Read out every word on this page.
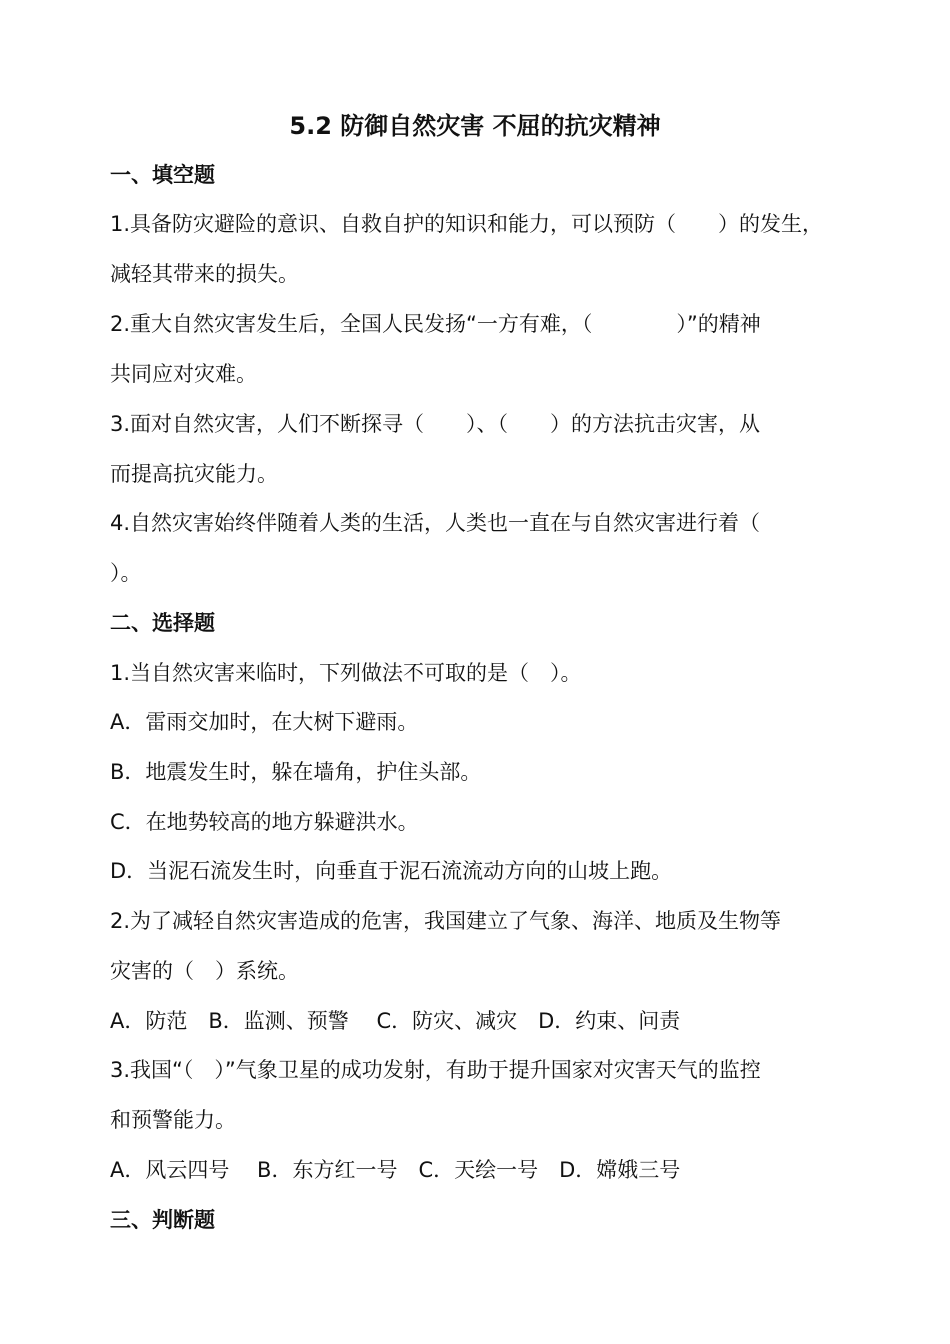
5.2 防御自然灾害 不屈的抗灾精神
一、填空题
1.具备防灾避险的意识、自救自护的知识和能力，可以预防（　　）的发生，
减轻其带来的损失。
2.重大自然灾害发生后，全国人民发扬“一方有难，（　　　　）”的精神
共同应对灾难。
3.面对自然灾害，人们不断探寻（　　）、（　　）的方法抗击灾害，从
而提高抗灾能力。
4.自然灾害始终伴随着人类的生活，人类也一直在与自然灾害进行着（
）。
二、选择题
1.当自然灾害来临时，下列做法不可取的是（　）。
A．雷雨交加时，在大树下避雨。
B．地震发生时，躲在墙角，护住头部。
C．在地势较高的地方躲避洪水。
D．当泥石流发生时，向垂直于泥石流流动方向的山坡上跑。
2.为了减轻自然灾害造成的危害，我国建立了气象、海洋、地质及生物等
灾害的（　）系统。
A．防范　B．监测、预警　 C．防灾、减灾　D．约束、问责
3.我国“（　）”气象卫星的成功发射，有助于提升国家对灾害天气的监控
和预警能力。
A．风云四号　 B．东方红一号　C．天绘一号　D．嫦娥三号
三、判断题
